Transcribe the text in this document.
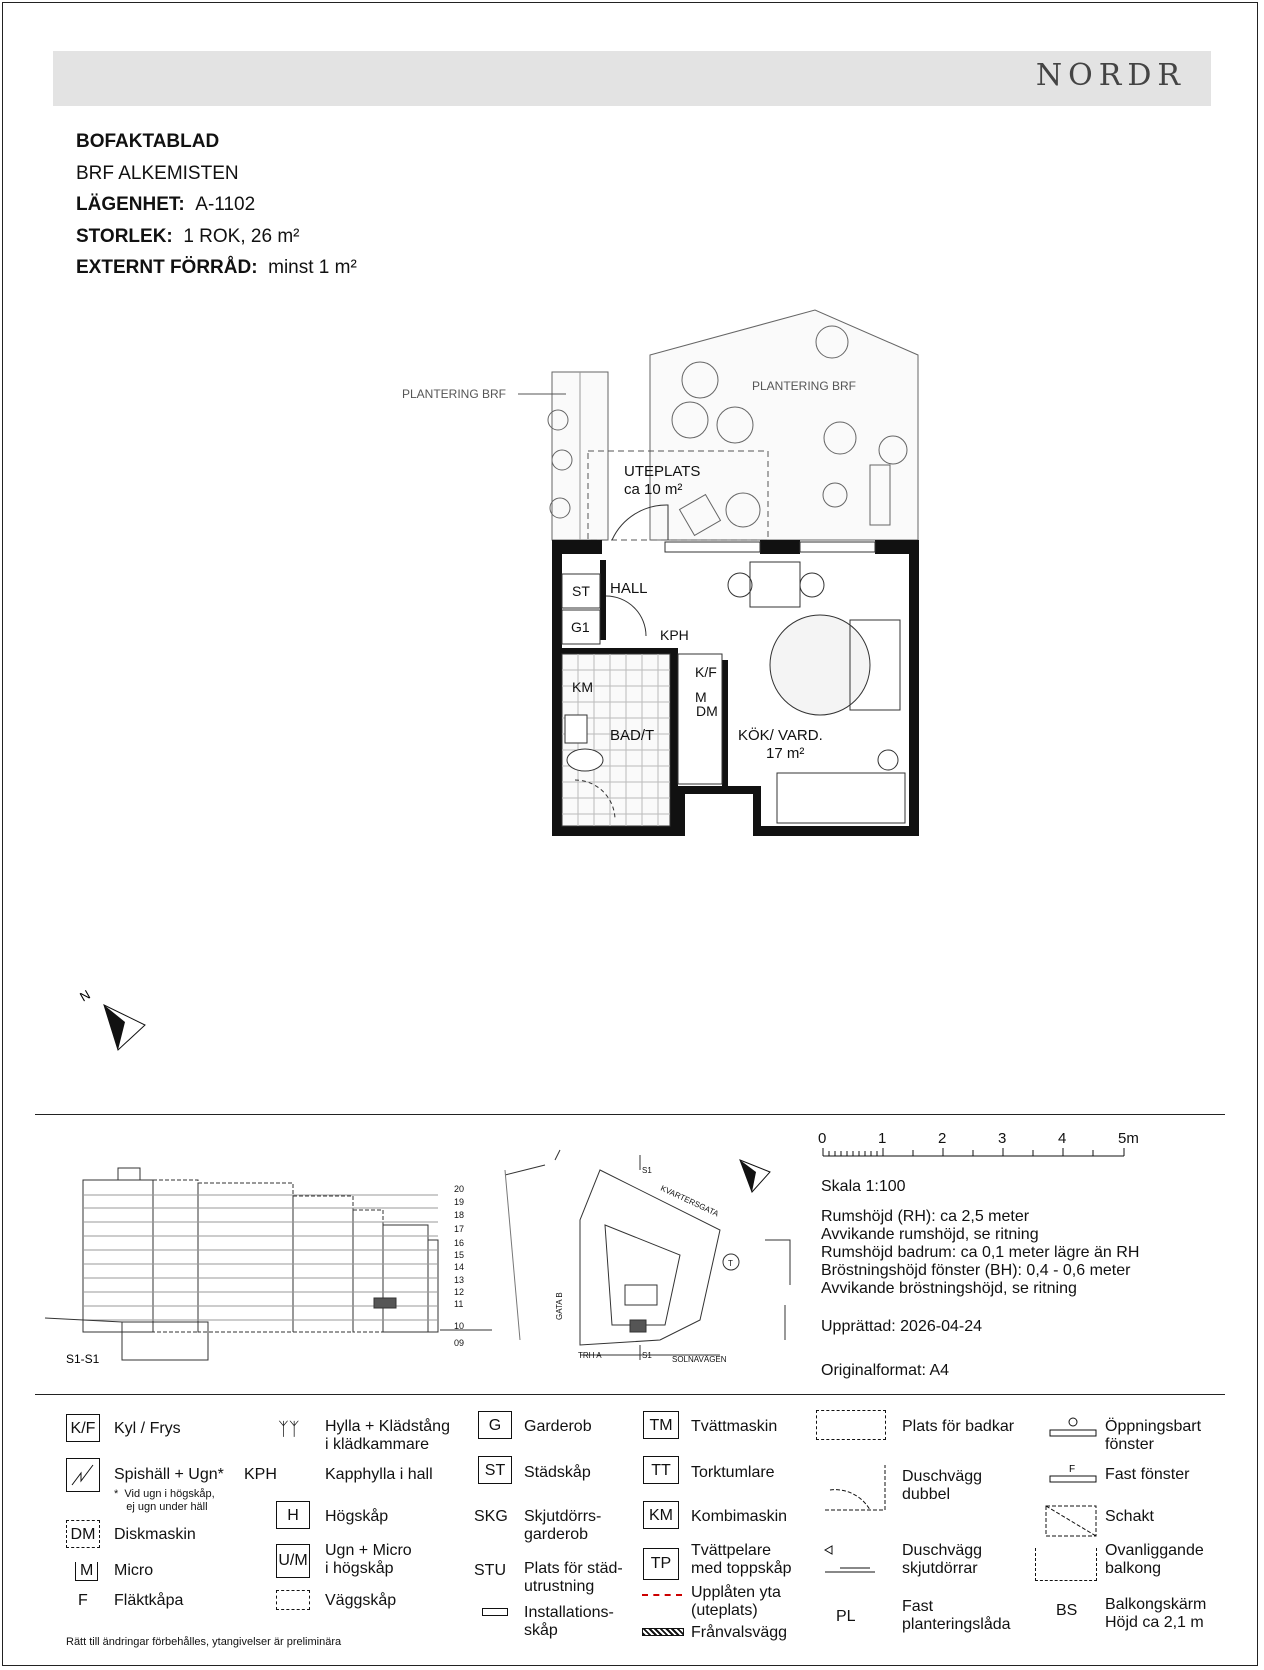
NORDR
BOFAKTABLAD
BRF ALKEMISTEN
LÄGENHET: A-1102
STORLEK: 1 ROK, 26 m²
EXTERNT FÖRRÅD: minst 1 m²
PLANTERING BRF
PLANTERING BRF
UTEPLATS
ca 10 m²
HALL
ST
G1	KPH
K/F
KM
M
DM
BAD/T	KÖK/ VARD.
17 m²
N
20
19
18
17
16
15
14
13
12
11
10
09
S1-S1
S1
S1
KVARTERSGATA
GATA B
SOLNAVÄGEN
TRH A
T
0	1	2	3	4	5m
Skala 1:100
Rumshöjd (RH): ca 2,5 meter
Avvikande rumshöjd, se ritning
Rumshöjd badrum: ca 0,1 meter lägre än RH
Bröstningshöjd fönster (BH): 0,4 - 0,6 meter
Avvikande bröstningshöjd, se ritning
Upprättad: 2026-04-24
Originalformat: A4
K/F Kyl / Frys
Spishäll + Ugn*
*  Vid ugn i högskåp,
ej ugn under häll
DM Diskmaskin
M	Micro
F Fläktkåpa
ᛉᛉ Hylla + Klädstång
i klädkammare
KPH	Kapphylla i hall
H	Högskåp
U/M
Ugn + Micro
i högskåp
Väggskåp
G	Garderob
ST	Städskåp
SKG Skjutdörrs-
garderob
STU Plats för städ-
utrustning
Installations-
skåp
TM	Tvättmaskin
TT	Torktumlare
KM	Kombimaskin
TP
Tvättpelare
med toppskåp
Upplåten yta
(uteplats)
Frånvalsvägg
Plats för badkar
Duschvägg
dubbel
Duschvägg
skjutdörrar
PL
Fast
planteringslåda
Öppningsbart
fönster
F Fast fönster
Schakt
Ovanliggande
balkong
BS Balkongskärm
Höjd ca 2,1 m
Rätt till ändringar förbehålles, ytangivelser är preliminära
